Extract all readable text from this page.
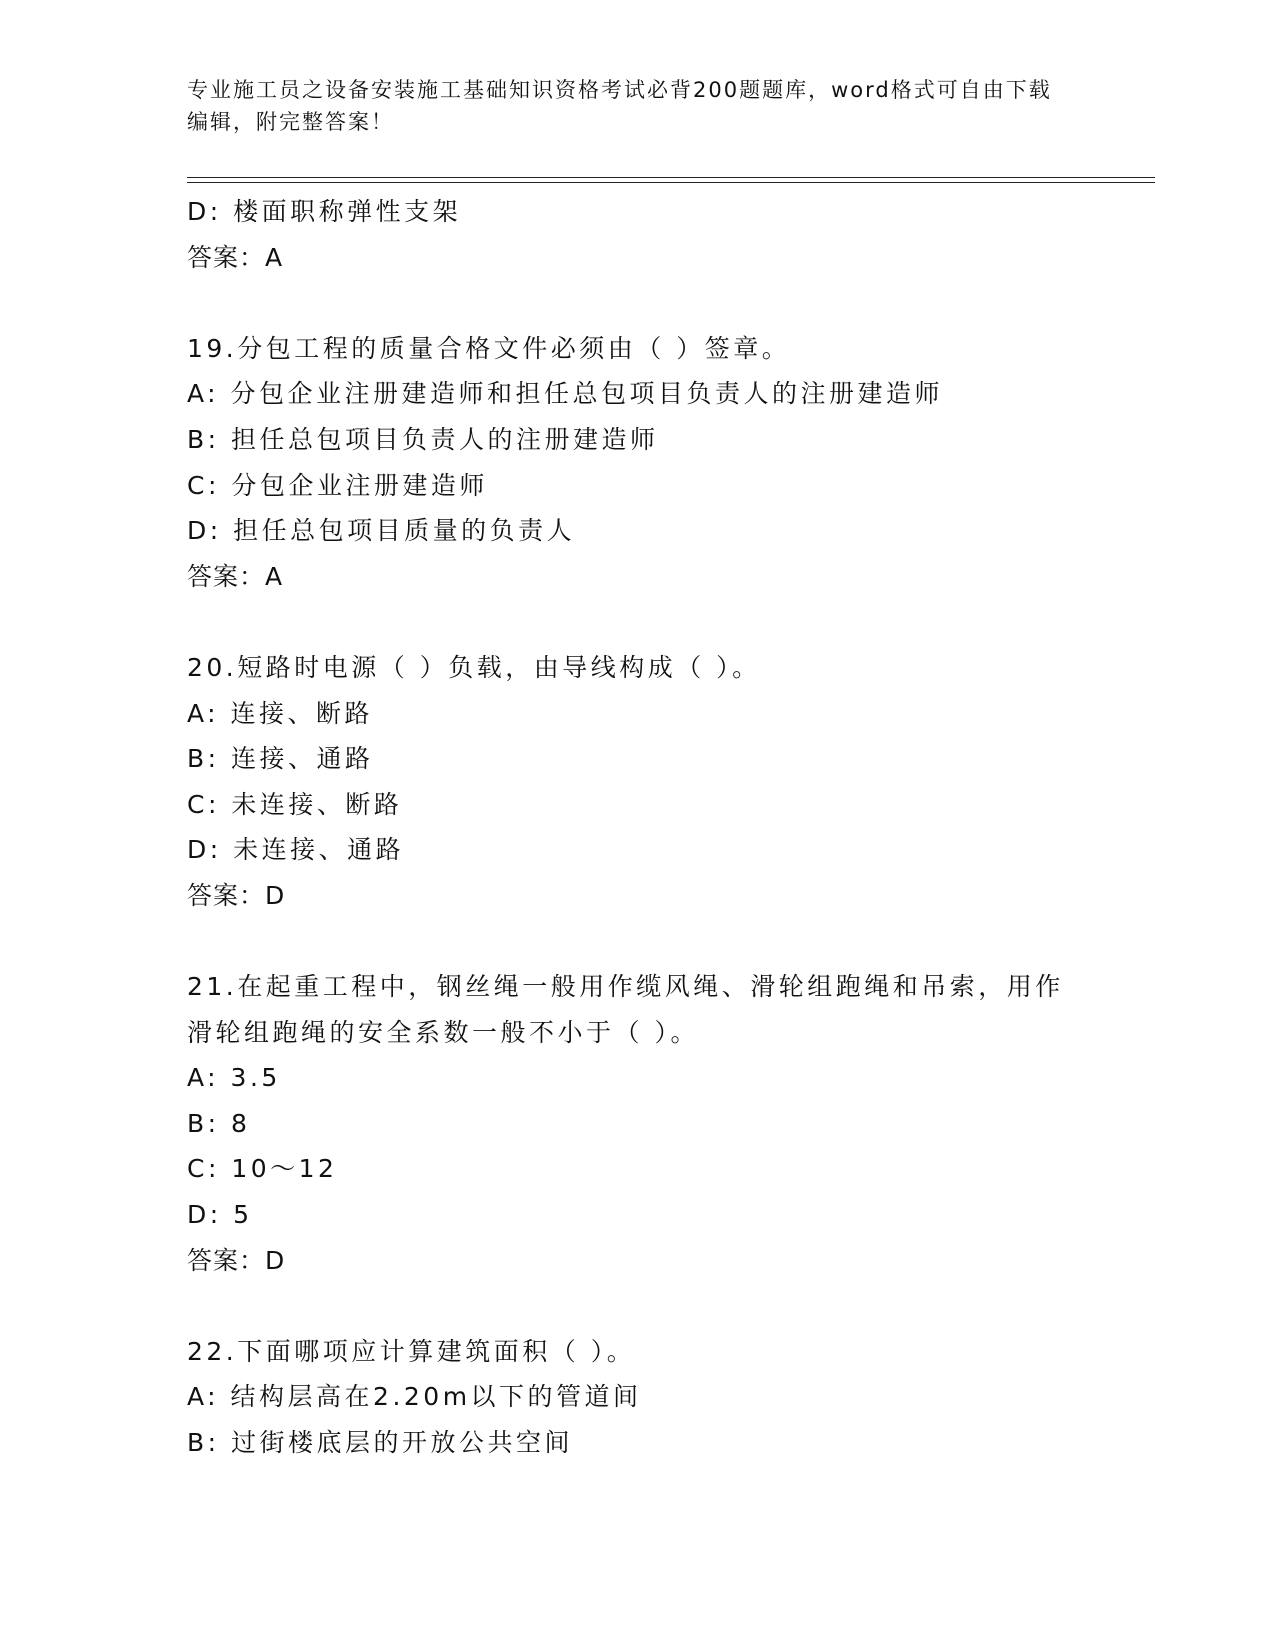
专业施工员之设备安装施工基础知识资格考试必背200题题库，word格式可自由下载编辑，附完整答案！
D: 楼面职称弹性支架
答案：A
19.分包工程的质量合格文件必须由（ ）签章。
A: 分包企业注册建造师和担任总包项目负责人的注册建造师
B: 担任总包项目负责人的注册建造师
C: 分包企业注册建造师
D: 担任总包项目质量的负责人
答案：A
20.短路时电源（ ）负载，由导线构成（ ）。
A: 连接、断路
B: 连接、通路
C: 未连接、断路
D: 未连接、通路
答案：D
21.在起重工程中，钢丝绳一般用作缆风绳、滑轮组跑绳和吊索，用作滑轮组跑绳的安全系数一般不小于（ ）。
A: 3.5
B: 8
C: 10～12
D: 5
答案：D
22.下面哪项应计算建筑面积（ ）。
A: 结构层高在2.20m以下的管道间
B: 过街楼底层的开放公共空间
